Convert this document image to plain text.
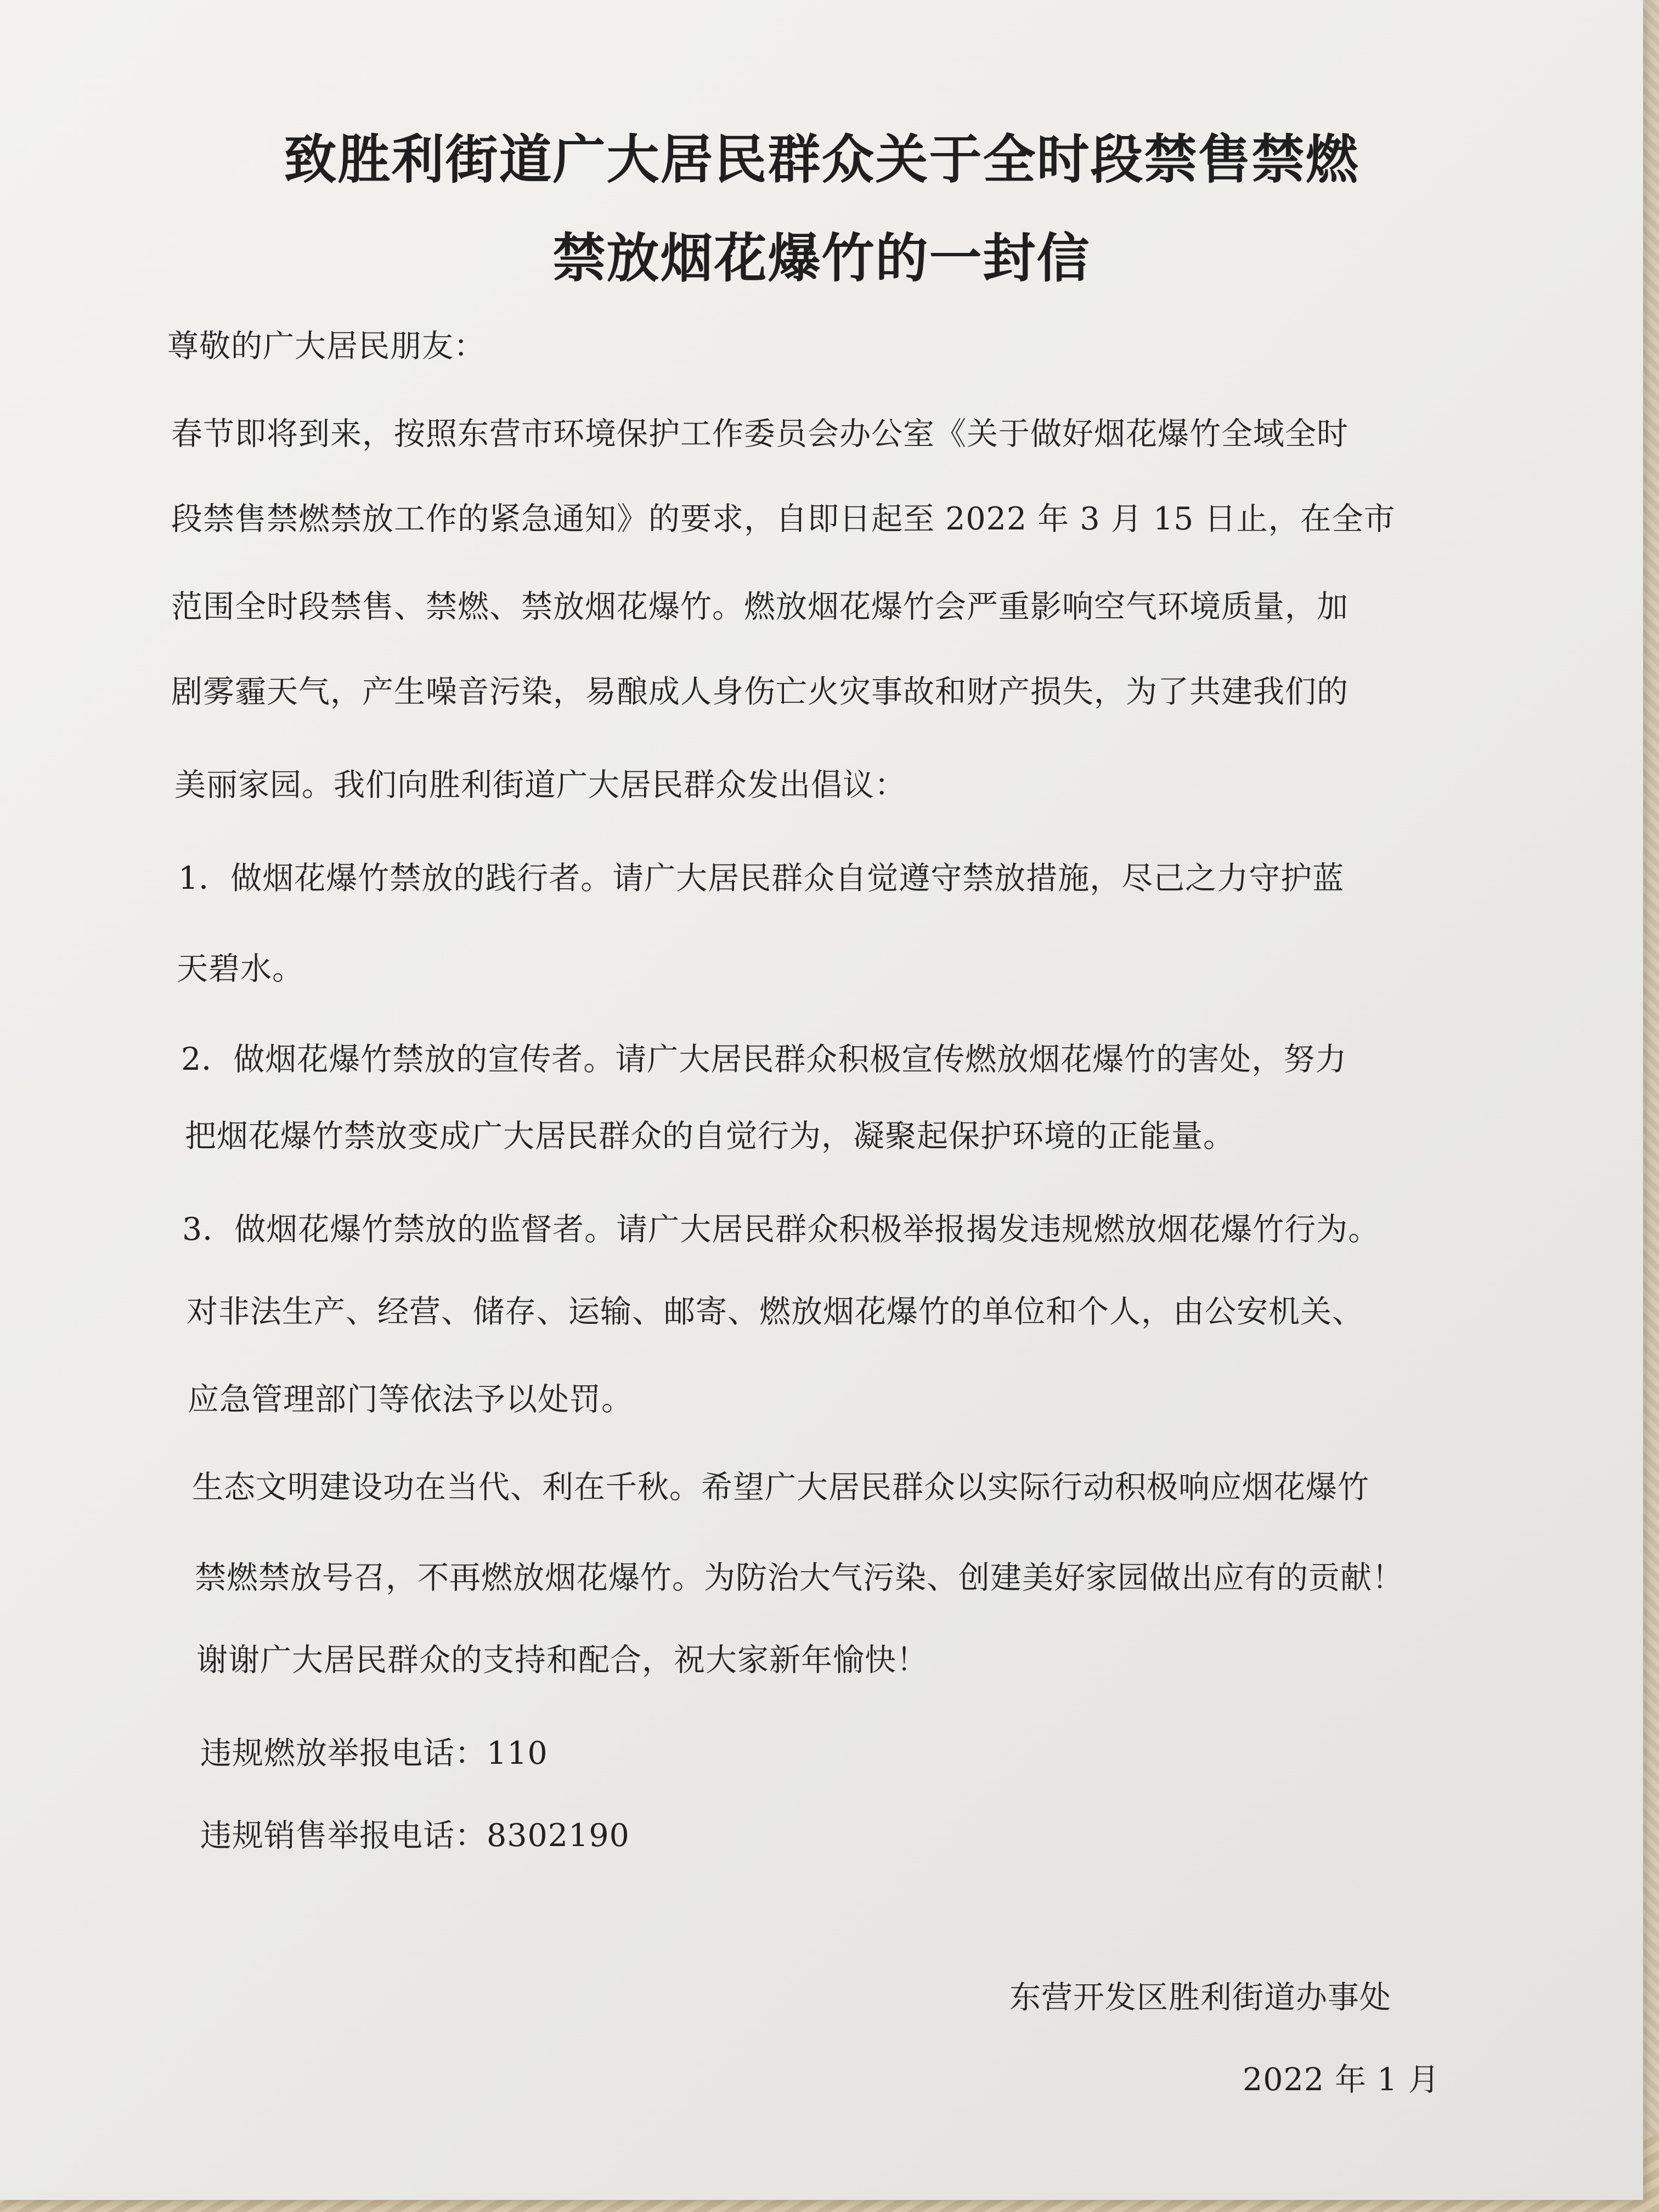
致胜利街道广大居民群众关于全时段禁售禁燃
禁放烟花爆竹的一封信
尊敬的广大居民朋友：
春节即将到来，按照东营市环境保护工作委员会办公室《关于做好烟花爆竹全域全时
段禁售禁燃禁放工作的紧急通知》的要求，自即日起至 2022 年 3 月 15 日止，在全市
范围全时段禁售、禁燃、禁放烟花爆竹。燃放烟花爆竹会严重影响空气环境质量，加
剧雾霾天气，产生噪音污染，易酿成人身伤亡火灾事故和财产损失，为了共建我们的
美丽家园。我们向胜利街道广大居民群众发出倡议：
1．做烟花爆竹禁放的践行者。请广大居民群众自觉遵守禁放措施，尽己之力守护蓝
天碧水。
2．做烟花爆竹禁放的宣传者。请广大居民群众积极宣传燃放烟花爆竹的害处，努力
把烟花爆竹禁放变成广大居民群众的自觉行为，凝聚起保护环境的正能量。
3．做烟花爆竹禁放的监督者。请广大居民群众积极举报揭发违规燃放烟花爆竹行为。
对非法生产、经营、储存、运输、邮寄、燃放烟花爆竹的单位和个人，由公安机关、
应急管理部门等依法予以处罚。
生态文明建设功在当代、利在千秋。希望广大居民群众以实际行动积极响应烟花爆竹
禁燃禁放号召，不再燃放烟花爆竹。为防治大气污染、创建美好家园做出应有的贡献！
谢谢广大居民群众的支持和配合，祝大家新年愉快！
违规燃放举报电话：110
违规销售举报电话：8302190
东营开发区胜利街道办事处
2022 年 1 月
